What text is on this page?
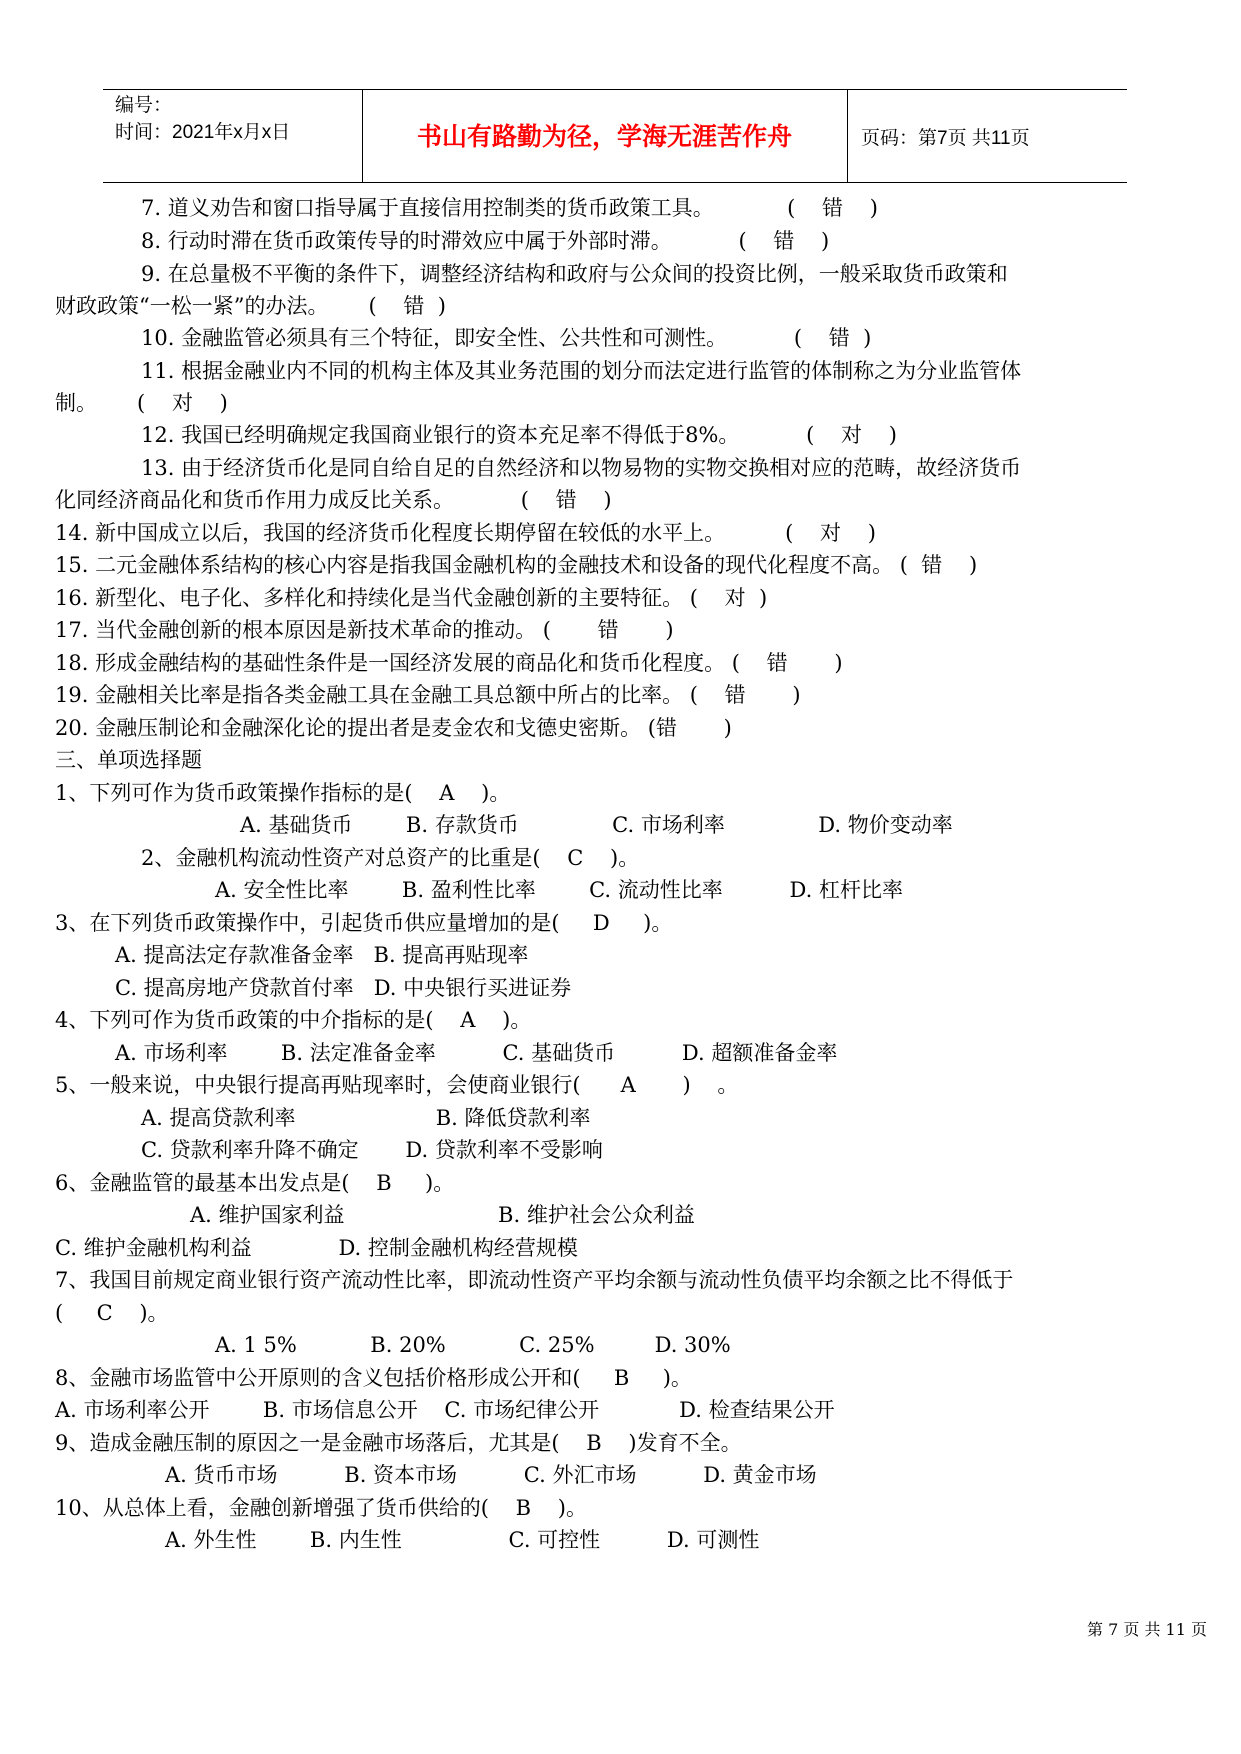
编号：
时间：2021年x月x日	书山有路勤为径，学海无涯苦作舟	页码：第7页 共11页
7. 道义劝告和窗口指导属于直接信用控制类的货币政策工具。           (    错    )
8. 行动时滞在货币政策传导的时滞效应中属于外部时滞。          (    错    )
9. 在总量极不平衡的条件下，调整经济结构和政府与公众间的投资比例，一般采取货币政策和
财政政策“一松一紧”的办法。      (    错  )
10. 金融监管必须具有三个特征，即安全性、公共性和可测性。          (    错  )
11. 根据金融业内不同的机构主体及其业务范围的划分而法定进行监管的体制称之为分业监管体
制。      (    对    )
12. 我国已经明确规定我国商业银行的资本充足率不得低于8%。          (    对    )
13. 由于经济货币化是同自给自足的自然经济和以物易物的实物交换相对应的范畴，故经济货币
化同经济商品化和货币作用力成反比关系。          (    错    )
14. 新中国成立以后，我国的经济货币化程度长期停留在较低的水平上。         (    对    )
15. 二元金融体系结构的核心内容是指我国金融机构的金融技术和设备的现代化程度不高。 (  错    )
16. 新型化、电子化、多样化和持续化是当代金融创新的主要特征。 (    对  )
17. 当代金融创新的根本原因是新技术革命的推动。 (       错       )
18. 形成金融结构的基础性条件是一国经济发展的商品化和货币化程度。 (    错       )
19. 金融相关比率是指各类金融工具在金融工具总额中所占的比率。 (    错       )
20. 金融压制论和金融深化论的提出者是麦金农和戈德史密斯。 (错       )
三、单项选择题
1、下列可作为货币政策操作指标的是(    A    )。
A. 基础货币        B. 存款货币              C. 市场利率              D. 物价变动率
2、金融机构流动性资产对总资产的比重是(    C    )。
A. 安全性比率        B. 盈利性比率        C. 流动性比率          D. 杠杆比率
3、在下列货币政策操作中，引起货币供应量增加的是(     D     )。
A. 提高法定存款准备金率   B. 提高再贴现率
C. 提高房地产贷款首付率   D. 中央银行买进证券
4、下列可作为货币政策的中介指标的是(    A    )。
A. 市场利率        B. 法定准备金率          C. 基础货币          D. 超额准备金率
5、一般来说，中央银行提高再贴现率时，会使商业银行(      A       )    。
A. 提高贷款利率                     B. 降低贷款利率
C. 贷款利率升降不确定       D. 贷款利率不受影响
6、金融监管的最基本出发点是(    B     )。
A. 维护国家利益                       B. 维护社会公众利益
C. 维护金融机构利益             D. 控制金融机构经营规模
7、我国目前规定商业银行资产流动性比率，即流动性资产平均余额与流动性负债平均余额之比不得低于
(     C    )。
A. 1 5%           B. 20%           C. 25%         D. 30%
8、金融市场监管中公开原则的含义包括价格形成公开和(     B     )。
A. 市场利率公开        B. 市场信息公开    C. 市场纪律公开            D. 检查结果公开
9、造成金融压制的原因之一是金融市场落后，尤其是(    B    )发育不全。
A. 货币市场          B. 资本市场          C. 外汇市场          D. 黄金市场
10、从总体上看，金融创新增强了货币供给的(    B    )。
A. 外生性        B. 内生性                C. 可控性          D. 可测性
第 7 页 共 11 页
